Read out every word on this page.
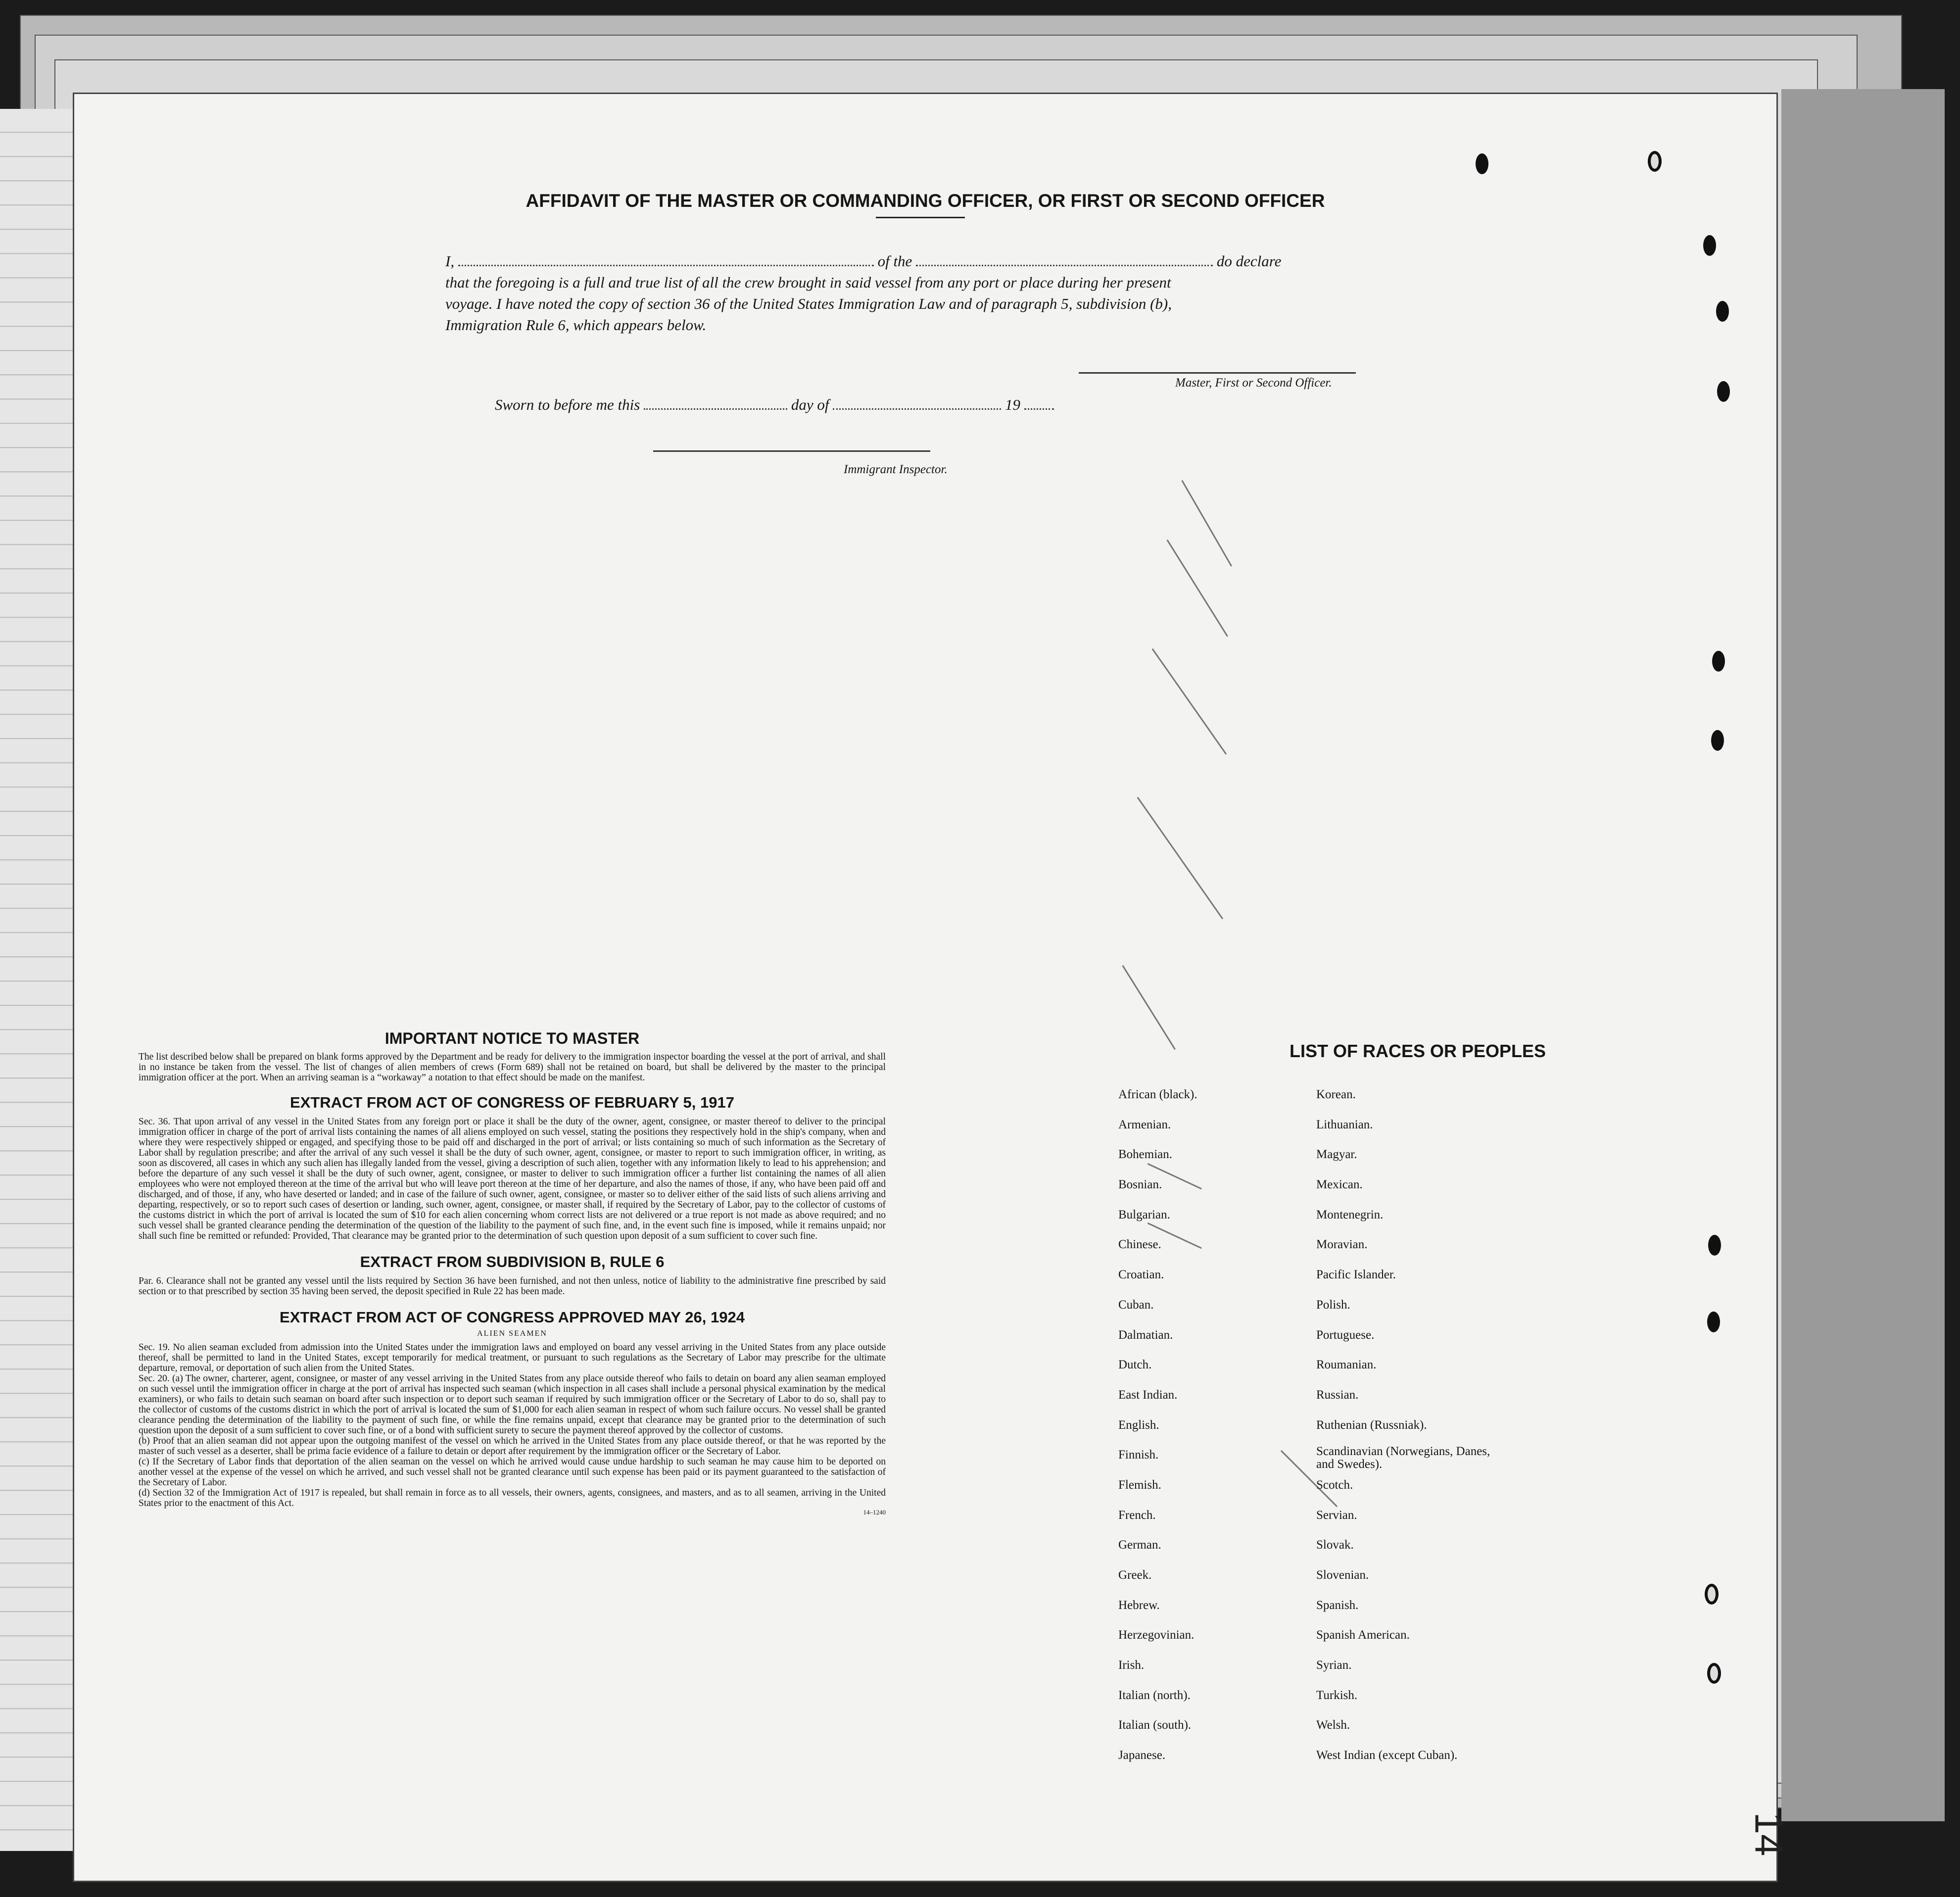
AFFIDAVIT OF THE MASTER OR COMMANDING OFFICER, OR FIRST OR SECOND OFFICER
I,	of the	do declare
that the foregoing is a full and true list of all the crew brought in said vessel from any port or place during her present
voyage. I have noted the copy of section 36 of the United States Immigration Law and of paragraph 5, subdivision (b),
Immigration Rule 6, which appears below.
Master, First or Second Officer.
Sworn to before me this	day of	19
Immigrant Inspector.
IMPORTANT NOTICE TO MASTER

The list described below shall be prepared on blank forms approved by the Department and be ready for delivery to the immigration inspector boarding the vessel at the port of arrival, and shall in no instance be taken from the vessel. The list of changes of alien members of crews (Form 689) shall not be retained on board, but shall be delivered by the master to the principal immigration officer at the port. When an arriving seaman is a “workaway” a notation to that effect should be made on the manifest.

EXTRACT FROM ACT OF CONGRESS OF FEBRUARY 5, 1917

Sec. 36. That upon arrival of any vessel in the United States from any foreign port or place it shall be the duty of the owner, agent, consignee, or master thereof to deliver to the principal immigration officer in charge of the port of arrival lists containing the names of all aliens employed on such vessel, stating the positions they respectively hold in the ship's company, when and where they were respectively shipped or engaged, and specifying those to be paid off and discharged in the port of arrival; or lists containing so much of such information as the Secretary of Labor shall by regulation prescribe; and after the arrival of any such vessel it shall be the duty of such owner, agent, consignee, or master to report to such immigration officer, in writing, as soon as discovered, all cases in which any such alien has illegally landed from the vessel, giving a description of such alien, together with any information likely to lead to his apprehension; and before the departure of any such vessel it shall be the duty of such owner, agent, consignee, or master to deliver to such immigration officer a further list containing the names of all alien employees who were not employed thereon at the time of the arrival but who will leave port thereon at the time of her departure, and also the names of those, if any, who have been paid off and discharged, and of those, if any, who have deserted or landed; and in case of the failure of such owner, agent, consignee, or master so to deliver either of the said lists of such aliens arriving and departing, respectively, or so to report such cases of desertion or landing, such owner, agent, consignee, or master shall, if required by the Secretary of Labor, pay to the collector of customs of the customs district in which the port of arrival is located the sum of $10 for each alien concerning whom correct lists are not delivered or a true report is not made as above required; and no such vessel shall be granted clearance pending the determination of the question of the liability to the payment of such fine, and, in the event such fine is imposed, while it remains unpaid; nor shall such fine be remitted or refunded: Provided, That clearance may be granted prior to the determination of such question upon deposit of a sum sufficient to cover such fine.

EXTRACT FROM SUBDIVISION B, RULE 6

Par. 6. Clearance shall not be granted any vessel until the lists required by Section 36 have been furnished, and not then unless, notice of liability to the administrative fine prescribed by said section or to that prescribed by section 35 having been served, the deposit specified in Rule 22 has been made.

EXTRACT FROM ACT OF CONGRESS APPROVED MAY 26, 1924
ALIEN SEAMEN

Sec. 19. No alien seaman excluded from admission into the United States under the immigration laws and employed on board any vessel arriving in the United States from any place outside thereof, shall be permitted to land in the United States, except temporarily for medical treatment, or pursuant to such regulations as the Secretary of Labor may prescribe for the ultimate departure, removal, or deportation of such alien from the United States.

Sec. 20. (a) The owner, charterer, agent, consignee, or master of any vessel arriving in the United States from any place outside thereof who fails to detain on board any alien seaman employed on such vessel until the immigration officer in charge at the port of arrival has inspected such seaman (which inspection in all cases shall include a personal physical examination by the medical examiners), or who fails to detain such seaman on board after such inspection or to deport such seaman if required by such immigration officer or the Secretary of Labor to do so, shall pay to the collector of customs of the customs district in which the port of arrival is located the sum of $1,000 for each alien seaman in respect of whom such failure occurs. No vessel shall be granted clearance pending the determination of the liability to the payment of such fine, or while the fine remains unpaid, except that clearance may be granted prior to the determination of such question upon the deposit of a sum sufficient to cover such fine, or of a bond with sufficient surety to secure the payment thereof approved by the collector of customs.

(b) Proof that an alien seaman did not appear upon the outgoing manifest of the vessel on which he arrived in the United States from any place outside thereof, or that he was reported by the master of such vessel as a deserter, shall be prima facie evidence of a failure to detain or deport after requirement by the immigration officer or the Secretary of Labor.

(c) If the Secretary of Labor finds that deportation of the alien seaman on the vessel on which he arrived would cause undue hardship to such seaman he may cause him to be deported on another vessel at the expense of the vessel on which he arrived, and such vessel shall not be granted clearance until such expense has been paid or its payment guaranteed to the satisfaction of the Secretary of Labor.

(d) Section 32 of the Immigration Act of 1917 is repealed, but shall remain in force as to all vessels, their owners, agents, consignees, and masters, and as to all seamen, arriving in the United States prior to the enactment of this Act.

14–1240
LIST OF RACES OR PEOPLES
African (black).	Korean.
Armenian.	Lithuanian.
Bohemian.	Magyar.
Bosnian.	Mexican.
Bulgarian.	Montenegrin.
Chinese.	Moravian.
Croatian.	Pacific Islander.
Cuban.	Polish.
Dalmatian.	Portuguese.
Dutch.	Roumanian.
East Indian.	Russian.
English.	Ruthenian (Russniak).
Finnish.	Scandinavian (Norwegians, Danes, and Swedes).
Flemish.	Scotch.
French.	Servian.
German.	Slovak.
Greek.	Slovenian.
Hebrew.	Spanish.
Herzegovinian.	Spanish American.
Irish.	Syrian.
Italian (north).	Turkish.
Italian (south).	Welsh.
Japanese.	West Indian (except Cuban).
14
